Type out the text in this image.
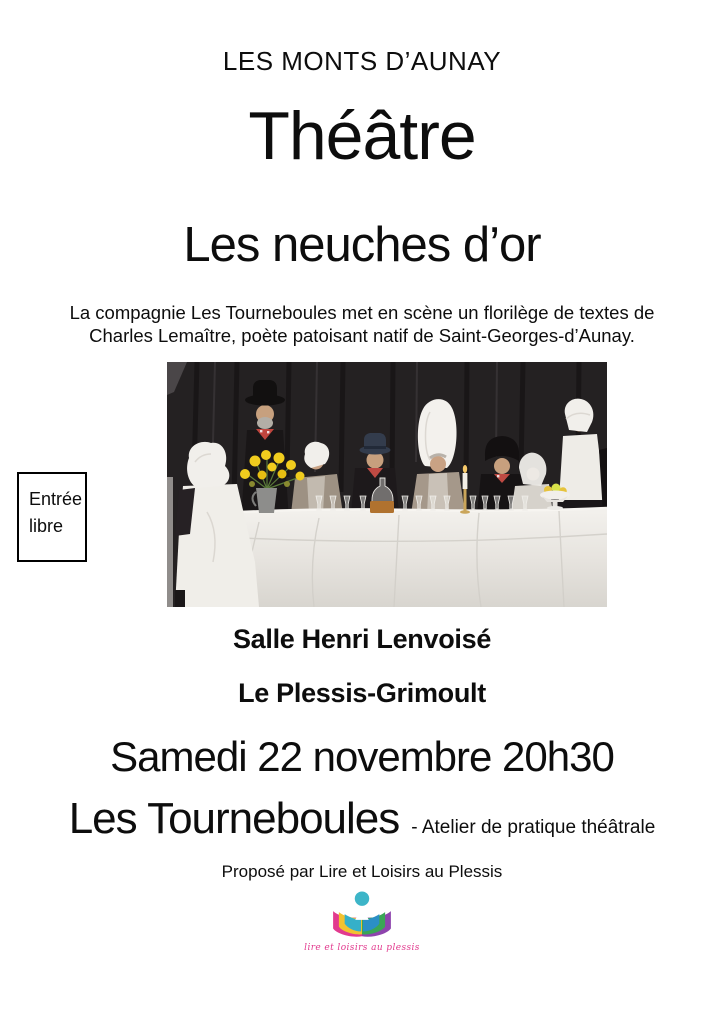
LES MONTS D’AUNAY
Théâtre
Les neuches d’or

La compagnie Les Tourneboules met en scène un florilège de textes de
Charles Lemaître, poète patoisant natif de Saint-Georges-d’Aunay.

Entrée
libre
Salle Henri Lenvoisé
Le Plessis-Grimoult
Samedi 22 novembre 20h30
Les Tourneboules - Atelier de pratique théâtrale
Proposé par Lire et Loisirs au Plessis
lire et loisirs au plessis
